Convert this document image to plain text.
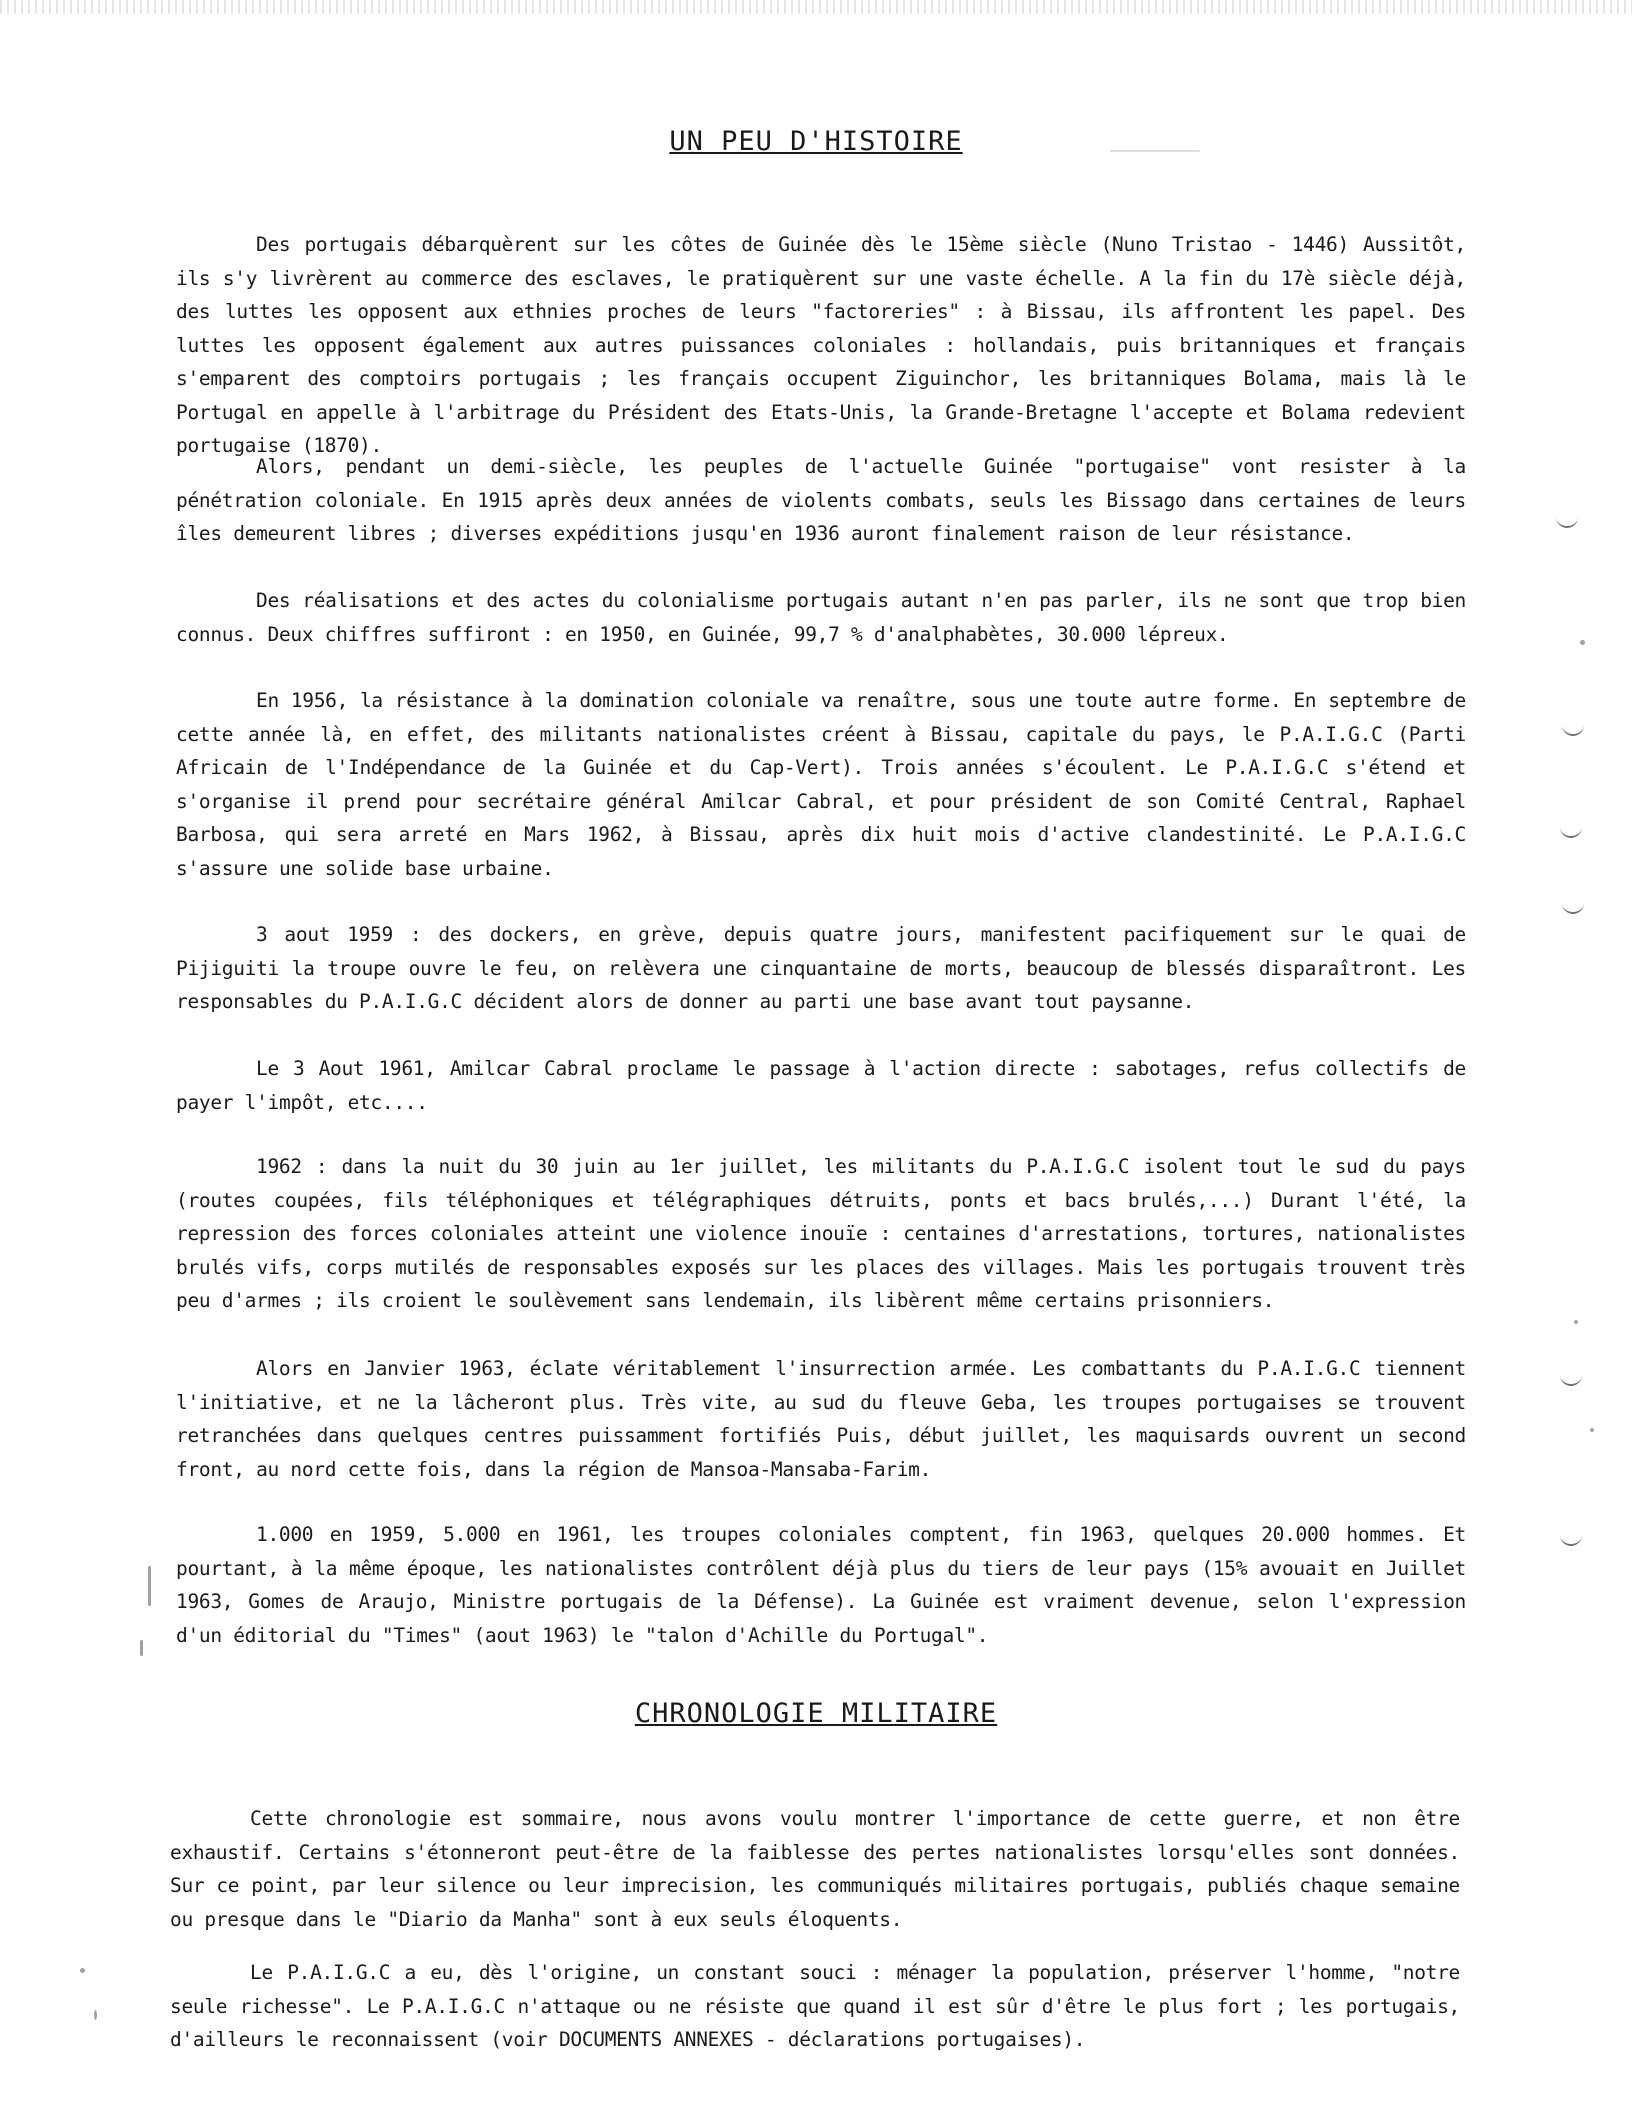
UN PEU D'HISTOIRE

Des portugais débarquèrent sur les côtes de Guinée dès le 15ème siècle (Nuno Tristao - 1446) Aussitôt, ils s'y livrèrent au commerce des esclaves, le pratiquèrent sur une vaste échelle. A la fin du 17è siècle déjà, des luttes les opposent aux ethnies proches de leurs "factoreries" : à Bissau, ils affrontent les papel. Des luttes les opposent également aux autres puissances coloniales : hollandais, puis britanniques et français s'emparent des comptoirs portugais ; les français occupent Ziguinchor, les britanniques Bolama, mais là le Portugal en appelle à l'arbitrage du Président des Etats-Unis, la Grande-Bretagne l'accepte et Bolama redevient portugaise (1870).

Alors, pendant un demi-siècle, les peuples de l'actuelle Guinée "portugaise" vont resister à la pénétration coloniale. En 1915 après deux années de violents combats, seuls les Bissago dans certaines de leurs îles demeurent libres ; diverses expéditions jusqu'en 1936 auront finalement raison de leur résistance.

Des réalisations et des actes du colonialisme portugais autant n'en pas parler, ils ne sont que trop bien connus. Deux chiffres suffiront : en 1950, en Guinée, 99,7 % d'analphabètes, 30.000 lépreux.

En 1956, la résistance à la domination coloniale va renaître, sous une toute autre forme. En septembre de cette année là, en effet, des militants nationalistes créent à Bissau, capitale du pays, le P.A.I.G.C (Parti Africain de l'Indépendance de la Guinée et du Cap-Vert). Trois années s'écoulent. Le P.A.I.G.C s'étend et s'organise il prend pour secrétaire général Amilcar Cabral, et pour président de son Comité Central, Raphael Barbosa, qui sera arreté en Mars 1962, à Bissau, après dix huit mois d'active clandestinité. Le P.A.I.G.C s'assure une solide base urbaine.

3 aout 1959 : des dockers, en grève, depuis quatre jours, manifestent pacifiquement sur le quai de Pijiguiti la troupe ouvre le feu, on relèvera une cinquantaine de morts, beaucoup de blessés disparaîtront. Les responsables du P.A.I.G.C décident alors de donner au parti une base avant tout paysanne.

Le 3 Aout 1961, Amilcar Cabral proclame le passage à l'action directe : sabotages, refus collectifs de payer l'impôt, etc....

1962 : dans la nuit du 30 juin au 1er juillet, les militants du P.A.I.G.C isolent tout le sud du pays (routes coupées, fils téléphoniques et télégraphiques détruits, ponts et bacs brulés,...) Durant l'été, la repression des forces coloniales atteint une violence inouïe : centaines d'arrestations, tortures, nationalistes brulés vifs, corps mutilés de responsables exposés sur les places des villages. Mais les portugais trouvent très peu d'armes ; ils croient le soulèvement sans lendemain, ils libèrent même certains prisonniers.

Alors en Janvier 1963, éclate véritablement l'insurrection armée. Les combattants du P.A.I.G.C tiennent l'initiative, et ne la lâcheront plus. Très vite, au sud du fleuve Geba, les troupes portugaises se trouvent retranchées dans quelques centres puissamment fortifiés Puis, début juillet, les maquisards ouvrent un second front, au nord cette fois, dans la région de Mansoa-Mansaba-Farim.

1.000 en 1959, 5.000 en 1961, les troupes coloniales comptent, fin 1963, quelques 20.000 hommes. Et pourtant, à la même époque, les nationalistes contrôlent déjà plus du tiers de leur pays (15% avouait en Juillet 1963, Gomes de Araujo, Ministre portugais de la Défense). La Guinée est vraiment devenue, selon l'expression d'un éditorial du "Times" (aout 1963) le "talon d'Achille du Portugal".

CHRONOLOGIE MILITAIRE

Cette chronologie est sommaire, nous avons voulu montrer l'importance de cette guerre, et non être exhaustif. Certains s'étonneront peut-être de la faiblesse des pertes nationalistes lorsqu'elles sont données. Sur ce point, par leur silence ou leur imprecision, les communiqués militaires portugais, publiés chaque semaine ou presque dans le "Diario da Manha" sont à eux seuls éloquents.

Le P.A.I.G.C a eu, dès l'origine, un constant souci : ménager la population, préserver l'homme, "notre seule richesse". Le P.A.I.G.C n'attaque ou ne résiste que quand il est sûr d'être le plus fort ; les portugais, d'ailleurs le reconnaissent (voir DOCUMENTS ANNEXES - déclarations portugaises).
